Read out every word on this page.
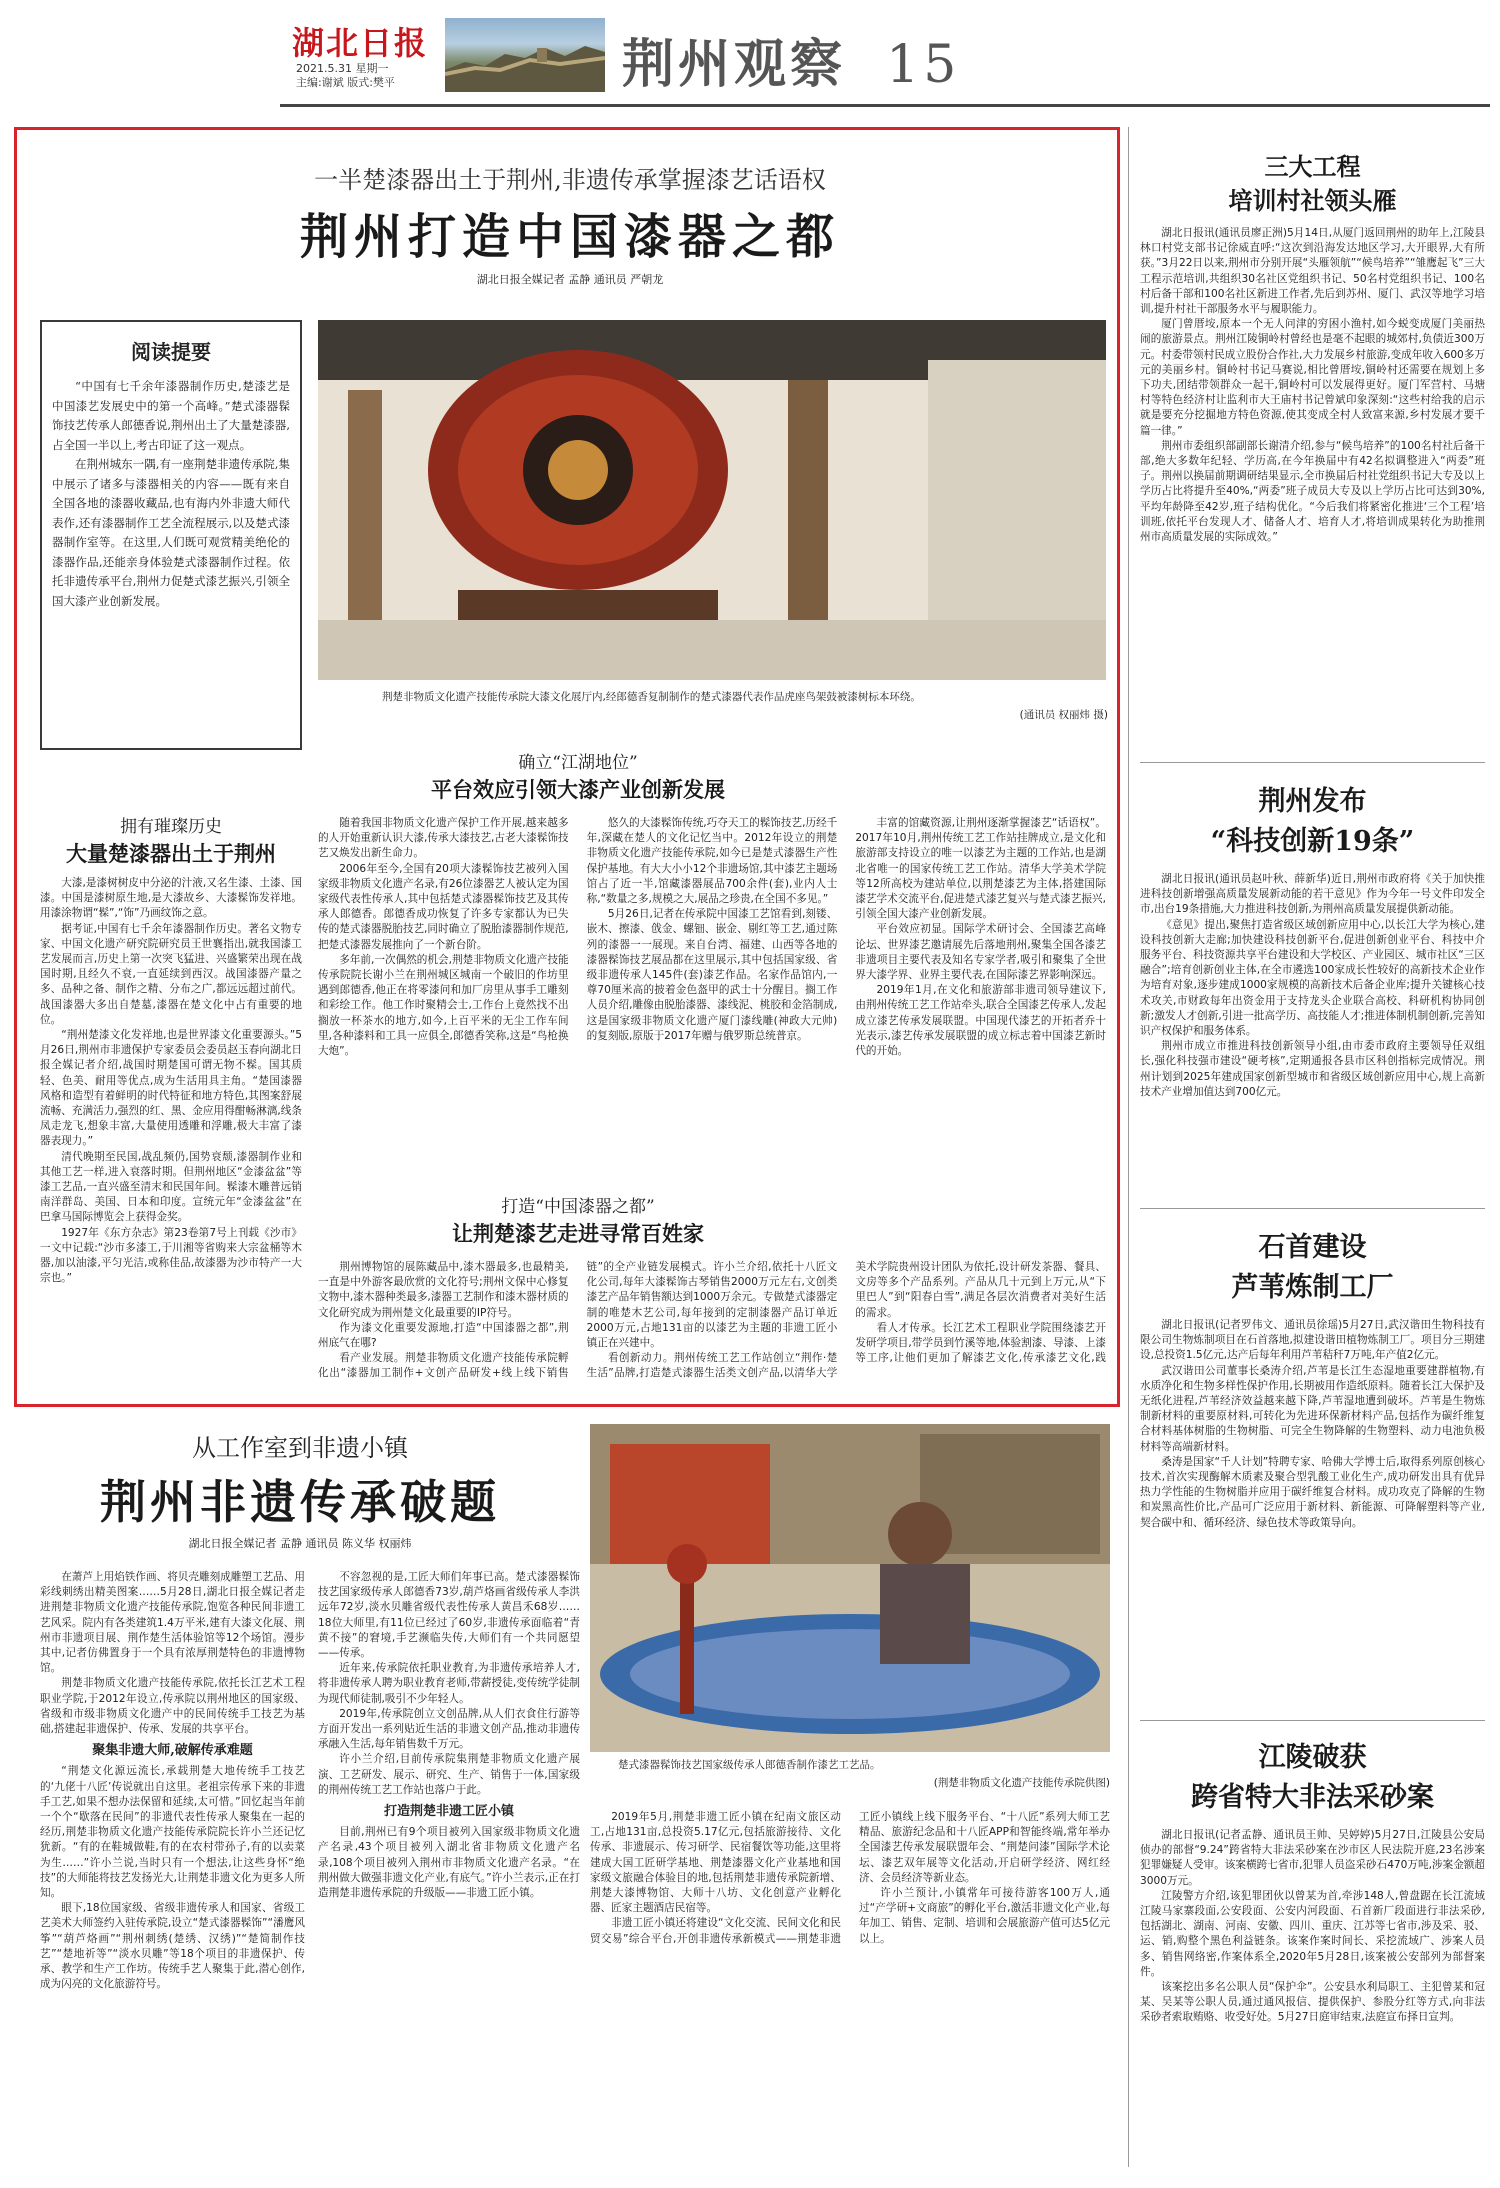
湖北日报
2021.5.31 星期一
主编:谢斌 版式:樊平	荆州观察 15
一半楚漆器出土于荆州,非遗传承掌握漆艺话语权
荆州打造中国漆器之都
湖北日报全媒记者 孟静 通讯员 严朝龙
阅读提要

“中国有七千余年漆器制作历史,楚漆艺是中国漆艺发展史中的第一个高峰。”楚式漆器髹饰技艺传承人郎德香说,荆州出土了大量楚漆器,占全国一半以上,考古印证了这一观点。

在荆州城东一隅,有一座荆楚非遗传承院,集中展示了诸多与漆器相关的内容——既有来自全国各地的漆器收藏品,也有海内外非遗大师代表作,还有漆器制作工艺全流程展示,以及楚式漆器制作室等。在这里,人们既可观赏精美绝伦的漆器作品,还能亲身体验楚式漆器制作过程。依托非遗传承平台,荆州力促楚式漆艺振兴,引领全国大漆产业创新发展。

荆楚非物质文化遗产技能传承院大漆文化展厅内,经郎德香复制制作的楚式漆器代表作品虎座鸟架鼓被漆树标本环绕。
(通讯员 权丽炜 摄)
拥有璀璨历史
大量楚漆器出土于荆州

大漆,是漆树树皮中分泌的汁液,又名生漆、土漆、国漆。中国是漆树原生地,是大漆故乡、大漆髹饰发祥地。用漆涂物谓“髹”,“饰”乃画纹饰之意。

据考证,中国有七千余年漆器制作历史。著名文物专家、中国文化遗产研究院研究员王世襄指出,就我国漆工艺发展而言,历史上第一次突飞猛进、兴盛繁荣出现在战国时期,且经久不衰,一直延续到西汉。战国漆器产量之多、品种之备、制作之精、分布之广,都远远超过前代。战国漆器大多出自楚墓,漆器在楚文化中占有重要的地位。

“荆州楚漆文化发祥地,也是世界漆文化重要源头。”5月26日,荆州市非遗保护专家委员会委员赵玉春向湖北日报全媒记者介绍,战国时期楚国可谓无物不髹。国其质轻、色美、耐用等优点,成为生活用具主角。“楚国漆器风格和造型有着鲜明的时代特征和地方特色,其图案舒展流畅、充满活力,强烈的红、黑、金应用得酣畅淋漓,线条凤走龙飞,想象丰富,大量使用透雕和浮雕,极大丰富了漆器表现力。”

清代晚期至民国,战乱频仍,国势衰颓,漆器制作业和其他工艺一样,进入衰落时期。但荆州地区“金漆盆盆”等漆工艺品,一直兴盛至清末和民国年间。髹漆木雕普远销南洋群岛、美国、日本和印度。宣统元年“金漆盆盆”在巴拿马国际博览会上获得金奖。

1927年《东方杂志》第23卷第7号上刊载《沙市》一文中记载:“沙市多漆工,于川湘等省购来大宗盆桶等木器,加以油漆,平匀光洁,或称佳品,故漆器为沙市特产一大宗也。”

确立“江湖地位”
平台效应引领大漆产业创新发展

随着我国非物质文化遗产保护工作开展,越来越多的人开始重新认识大漆,传承大漆技艺,古老大漆髹饰技艺又焕发出新生命力。

2006年至今,全国有20项大漆髹饰技艺被列入国家级非物质文化遗产名录,有26位漆器艺人被认定为国家级代表性传承人,其中包括楚式漆器髹饰技艺及其传承人郎德香。郎德香成功恢复了许多专家都认为已失传的楚式漆器脱胎技艺,同时确立了脱胎漆器制作规范,把楚式漆器发展推向了一个新台阶。

多年前,一次偶然的机会,荆楚非物质文化遗产技能传承院院长谢小兰在荆州城区城南一个破旧的作坊里遇到郎德香,他正在将零漆问和加厂房里从事手工雕刻和彩绘工作。他工作时聚精会士,工作台上竟然找不出搁放一杯茶水的地方,如今,上百平米的无尘工作车间里,各种漆料和工具一应俱全,郎德香笑称,这是“鸟枪换大炮”。

悠久的大漆髹饰传统,巧夺天工的髹饰技艺,历经千年,深藏在楚人的文化记忆当中。2012年设立的荆楚非物质文化遗产技能传承院,如今已是楚式漆器生产性保护基地。有大大小小12个非遗场馆,其中漆艺主题场馆占了近一半,馆藏漆器展品700余件(套),业内人士称,“数量之多,规模之大,展品之珍贵,在全国不多见。”

5月26日,记者在传承院中国漆工艺馆看到,刻镂、嵌木、擦漆、戗金、螺钿、嵌金、剔红等工艺,通过陈列的漆器一一展现。来自台湾、福建、山西等各地的漆器髹饰技艺展品都在这里展示,其中包括国家级、省级非遗传承人145件(套)漆艺作品。名家作品馆内,一尊70厘米高的披着金色盔甲的武士十分醒目。搁工作人员介绍,雕像由脱胎漆器、漆线泥、桃胶和金箔制成,这是国家级非物质文化遗产厦门漆线雕(神政大元帅)的复刻版,原版于2017年赠与俄罗斯总统普京。

丰富的馆藏资源,让荆州逐渐掌握漆艺“话语权”。2017年10月,荆州传统工艺工作站挂牌成立,是文化和旅游部支持设立的唯一以漆艺为主题的工作站,也是湖北省唯一的国家传统工艺工作站。清华大学美术学院等12所高校为建站单位,以荆楚漆艺为主体,搭建国际漆艺学术交流平台,促进楚式漆艺复兴与楚式漆艺振兴,引领全国大漆产业创新发展。

平台效应初显。国际学术研讨会、全国漆艺高峰论坛、世界漆艺邀请展先后落地荆州,聚集全国各漆艺非遗项目主要代表及知名专家学者,吸引和聚集了全世界大漆学界、业界主要代表,在国际漆艺界影响深远。

2019年1月,在文化和旅游部非遗司领导建议下,由荆州传统工艺工作站牵头,联合全国漆艺传承人,发起成立漆艺传承发展联盟。中国现代漆艺的开拓者乔十光表示,漆艺传承发展联盟的成立标志着中国漆艺新时代的开始。

打造“中国漆器之都”
让荆楚漆艺走进寻常百姓家

荆州博物馆的展陈藏品中,漆木器最多,也最精美,一直是中外游客最欣赏的文化符号;荆州文保中心修复文物中,漆木器种类最多,漆器工艺制作和漆木器材质的文化研究成为荆州楚文化最重要的IP符号。

作为漆文化重要发源地,打造“中国漆器之都”,荆州底气在哪?

看产业发展。荆楚非物质文化遗产技能传承院孵化出“漆器加工制作+文创产品研发+线上线下销售链”的全产业链发展模式。许小兰介绍,依托十八匠文化公司,每年大漆髹饰古琴销售2000万元左右,文创类漆艺产品年销售额达到1000万余元。专做楚式漆器定制的唯楚木艺公司,每年接到的定制漆器产品订单近2000万元,占地131亩的以漆艺为主题的非遗工匠小镇正在兴建中。

看创新动力。荆州传统工艺工作站创立“荆作·楚生活”品牌,打造楚式漆器生活类文创产品,以清华大学美术学院贵州设计团队为依托,设计研发茶器、餐具、文房等多个产品系列。产品从几十元到上万元,从“下里巴人”到“阳春白雪”,满足各层次消费者对美好生活的需求。

看人才传承。长江艺术工程职业学院围绕漆艺开发研学项目,带学员到竹溪等地,体验割漆、导漆、上漆等工序,让他们更加了解漆艺文化,传承漆艺文化,践

从工作室到非遗小镇
荆州非遗传承破题
湖北日报全媒记者 孟静 通讯员 陈义华 权丽炜
楚式漆器髹饰技艺国家级传承人郎德香制作漆艺工艺品。
(荆楚非物质文化遗产技能传承院供图)

在萧芦上用焰铁作画、将贝壳雕刻成雕塑工艺品、用彩线刺绣出精美图案……5月28日,湖北日报全媒记者走进荆楚非物质文化遗产技能传承院,饱览各种民间非遗工艺风采。院内有各类建筑1.4万平米,建有大漆文化展、荆州市非遗项目展、荆作楚生活体验馆等12个场馆。漫步其中,记者仿佛置身于一个具有浓厚荆楚特色的非遗博物馆。

荆楚非物质文化遗产技能传承院,依托长江艺术工程职业学院,于2012年设立,传承院以荆州地区的国家级、省级和市级非物质文化遗产中的民间传统手工技艺为基础,搭建起非遗保护、传承、发展的共享平台。

聚集非遗大师,破解传承难题

“荆楚文化源远流长,承载荆楚大地传统手工技艺的‘九佬十八匠’传说就出自这里。老祖宗传承下来的非遗手工艺,如果不想办法保留和延续,太可惜。”回忆起当年前一个个“歇落在民间”的非遗代表性传承人聚集在一起的经历,荆楚非物质文化遗产技能传承院院长许小兰还记忆犹新。“有的在鞋城做鞋,有的在农村带孙子,有的以卖菜为生……”许小兰说,当时只有一个想法,让这些身怀“绝技”的大师能将技艺发扬光大,让荆楚非遗文化为更多人所知。

眼下,18位国家级、省级非遗传承人和国家、省级工艺美术大师签约入驻传承院,设立“楚式漆器髹饰”“潘鹰风筝”“葫芦烙画”“荆州刺绣(楚绣、汉绣)”“楚简制作技艺”“楚地祈等”“淡水贝雕”等18个项目的非遗保护、传承、教学和生产工作坊。传统手艺人聚集于此,潜心创作,成为闪亮的文化旅游符号。

不容忽视的是,工匠大师们年事已高。楚式漆器髹饰技艺国家级传承人郎德香73岁,葫芦烙画省级传承人李洪远年72岁,淡水贝雕省级代表性传承人黄昌禾68岁……18位大师里,有11位已经过了60岁,非遗传承面临着“青黄不接”的窘境,手艺濒临失传,大师们有一个共同愿望——传承。

近年来,传承院依托职业教育,为非遗传承培养人才,将非遗传承人聘为职业教育老师,带薪授徒,变传统学徒制为现代师徒制,吸引不少年轻人。

2019年,传承院创立文创品牌,从人们衣食住行游等方面开发出一系列贴近生活的非遗文创产品,推动非遗传承融入生活,每年销售数千万元。

许小兰介绍,目前传承院集荆楚非物质文化遗产展演、工艺研发、展示、研究、生产、销售于一体,国家级的荆州传统工艺工作站也落户于此。

打造荆楚非遗工匠小镇

目前,荆州已有9个项目被列入国家级非物质文化遗产名录,43个项目被列入湖北省非物质文化遗产名录,108个项目被列入荆州市非物质文化遗产名录。“在荆州做大做强非遗文化产业,有底气。”许小兰表示,正在打造荆楚非遗传承院的升级版——非遗工匠小镇。

2019年5月,荆楚非遗工匠小镇在纪南文旅区动工,占地131亩,总投资5.17亿元,包括旅游接待、文化传承、非遗展示、传习研学、民宿餐饮等功能,这里将建成大国工匠研学基地、荆楚漆器文化产业基地和国家级文旅融合体验目的地,包括荆楚非遗传承院新增、荆楚大漆博物馆、大师十八坊、文化创意产业孵化器、匠家主题酒店民宿等。

非遗工匠小镇还将建设“文化交流、民间文化和民贸交易”综合平台,开创非遗传承新模式——荆楚非遗工匠小镇线上线下服务平台、“十八匠”系列大师工艺精品、旅游纪念品和十八匠APP和智能终端,常年举办全国漆艺传承发展联盟年会、“荆楚问漆”国际学术论坛、漆艺双年展等文化活动,开启研学经济、网红经济、会员经济等新业态。

许小兰预计,小镇常年可接待游客100万人,通过“产学研+文商旅”的孵化平台,激活非遗文化产业,每年加工、销售、定制、培训和会展旅游产值可达5亿元以上。

三大工程
培训村社领头雁

湖北日报讯(通讯员廖正洲)5月14日,从厦门返回荆州的助年上,江陵县林口村党支部书记徐威直呼:“这次到沿海发达地区学习,大开眼界,大有所获。”3月22日以来,荆州市分别开展“头雁领航”“候鸟培养”“雏鹰起飞”三大工程示范培训,共组织30名社区党组织书记、50名村党组织书记、100名村后备干部和100名社区新进工作者,先后到苏州、厦门、武汉等地学习培训,提升村社干部服务水平与履职能力。

厦门曾厝垵,原本一个无人问津的穷困小渔村,如今蜕变成厦门美丽热闹的旅游景点。荆州江陵铜岭村曾经也是毫不起眼的城郊村,负债近300万元。村委带领村民成立股份合作社,大力发展乡村旅游,变成年收入600多万元的美丽乡村。铜岭村书记马赛说,相比曾厝垵,铜岭村还需要在规划上多下功夫,团结带领群众一起干,铜岭村可以发展得更好。厦门军营村、马塘村等特色经济村让监利市大王庙村书记曾斌印象深刻:“这些村给我的启示就是要充分挖掘地方特色资源,使其变成全村人致富来源,乡村发展才要千篇一律。”

荆州市委组织部副部长谢清介绍,参与“候鸟培养”的100名村社后备干部,绝大多数年纪轻、学历高,在今年换届中有42名拟调整进入“两委”班子。荆州以换届前期调研结果显示,全市换届后村社党组织书记大专及以上学历占比将提升至40%,“两委”班子成员大专及以上学历占比可达到30%,平均年龄降至42岁,班子结构优化。“今后我们将紧密化推进‘三个工程’培训班,依托平台发现人才、储备人才、培育人才,将培训成果转化为助推荆州市高质量发展的实际成效。”

荆州发布
“科技创新19条”

湖北日报讯(通讯员赵叶秋、薛新华)近日,荆州市政府将《关于加快推进科技创新增强高质量发展新动能的若干意见》作为今年一号文件印发全市,出台19条措施,大力推进科技创新,为荆州高质量发展提供新动能。

《意见》提出,聚焦打造省级区域创新应用中心,以长江大学为核心,建设科技创新大走廊;加快建设科技创新平台,促进创新创业平台、科技中介服务平台、科技资源共享平台建设和大学校区、产业园区、城市社区“三区融合”;培育创新创业主体,在全市遴选100家成长性较好的高新技术企业作为培育对象,逐步建成1000家规模的高新技术后备企业库;提升关键核心技术攻关,市财政每年出资金用于支持龙头企业联合高校、科研机构协同创新;激发人才创新,引进一批高学历、高技能人才;推进体制机制创新,完善知识产权保护和服务体系。

荆州市成立市推进科技创新领导小组,由市委市政府主要领导任双组长,强化科技强市建设“硬考核”,定期通报各县市区科创指标完成情况。荆州计划到2025年建成国家创新型城市和省级区域创新应用中心,规上高新技术产业增加值达到700亿元。

石首建设
芦苇炼制工厂

湖北日报讯(记者罗伟文、通讯员徐瑶)5月27日,武汉谐田生物科技有限公司生物炼制项目在石首落地,拟建设谐田植物炼制工厂。项目分三期建设,总投资1.5亿元,达产后每年利用芦苇秸秆7万吨,年产值2亿元。

武汉谐田公司董事长桑涛介绍,芦苇是长江生态湿地重要建群植物,有水质净化和生物多样性保护作用,长期被用作造纸原料。随着长江大保护及无纸化进程,芦苇经济效益越来越下降,芦苇湿地遭到破坏。芦苇是生物炼制新材料的重要原材料,可转化为先进环保新材料产品,包括作为碳纤维复合材料基体树脂的生物树脂、可完全生物降解的生物塑料、动力电池负极材料等高端新材料。

桑涛是国家“千人计划”特聘专家、哈佛大学博士后,取得系列原创核心技术,首次实现酶解木质素及聚合型乳酸工业化生产,成功研发出具有优异热力学性能的生物树脂并应用于碳纤维复合材料。成功攻克了降解的生物和炭黑高性价比,产品可广泛应用于新材料、新能源、可降解塑料等产业,契合碳中和、循环经济、绿色技术等政策导向。

江陵破获
跨省特大非法采砂案

湖北日报讯(记者孟静、通讯员王帅、吴婷婷)5月27日,江陵县公安局侦办的部督“9.24”跨省特大非法采砂案在沙市区人民法院开庭,23名涉案犯罪嫌疑人受审。该案横跨七省市,犯罪人员盗采砂石470万吨,涉案金额超3000万元。

江陵警方介绍,该犯罪团伙以曾某为首,牵涉148人,曾盘踞在长江流域江陵马家寨段面,公安段面、公安内河段面、石首新厂段面进行非法采砂,包括湖北、湖南、河南、安徽、四川、重庆、江苏等七省市,涉及采、驳、运、销,购整个黑色利益链条。该案作案时间长、采挖流域广、涉案人员多、销售网络密,作案体系全,2020年5月28日,该案被公安部列为部督案件。

该案挖出多名公职人员“保护伞”。公安县水利局职工、主犯曾某和冠某、吴某等公职人员,通过通风报信、提供保护、参股分红等方式,向非法采砂者索取贿赂、收受好处。5月27日庭审结束,法庭宣布择日宣判。
